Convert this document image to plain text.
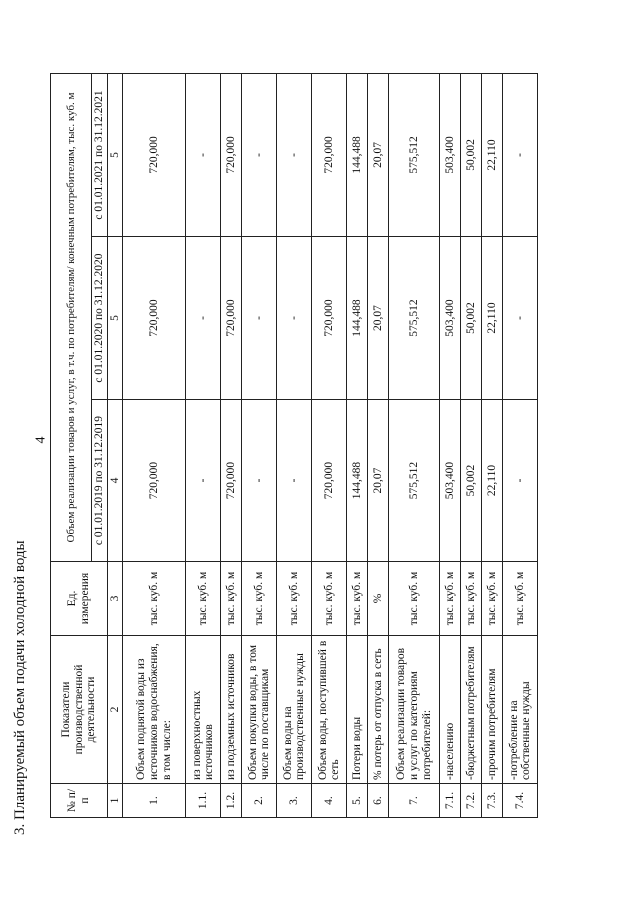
4
3. Планируемый объем подачи холодной воды	№ п/п	Показатели производственной деятельности	Ед. измерения	Объем реализации товаров и услуг, в т.ч. по потребителям/ конечным потребителям, тыс. куб. м		
			с 01.01.2019 по 31.12.2019	с 01.01.2020 по 31.12.2020	с 01.01.2021 по 31.12.2021
1	2	3	4	5	5
1.	Объем поднятой воды из источников водоснабжения, в том числе:	тыс. куб. м	720,000	720,000	720,000
1.1.	из поверхностных источников	тыс. куб. м	-	-	-
1.2.	из подземных источников	тыс. куб. м	720,000	720,000	720,000
2.	Объем покупки воды, в том числе по поставщикам	тыс. куб. м	-	-	-
3.	Объем воды на производственные нужды	тыс. куб. м	-	-	-
4.	Объем воды, поступившей в сеть	тыс. куб. м	720,000	720,000	720,000
5.	Потери воды	тыс. куб. м	144,488	144,488	144,488
6.	% потерь от отпуска в сеть	%	20,07	20,07	20,07
7.	Объем реализации товаров и услуг по категориям потребителей:	тыс. куб. м	575,512	575,512	575,512
7.1.	-населению	тыс. куб. м	503,400	503,400	503,400
7.2.	-бюджетным потребителям	тыс. куб. м	50,002	50,002	50,002
7.3.	-прочим потребителям	тыс. куб. м	22,110	22,110	22,110
7.4.	-потребление на собственные нужды	тыс. куб. м	-	-	-
